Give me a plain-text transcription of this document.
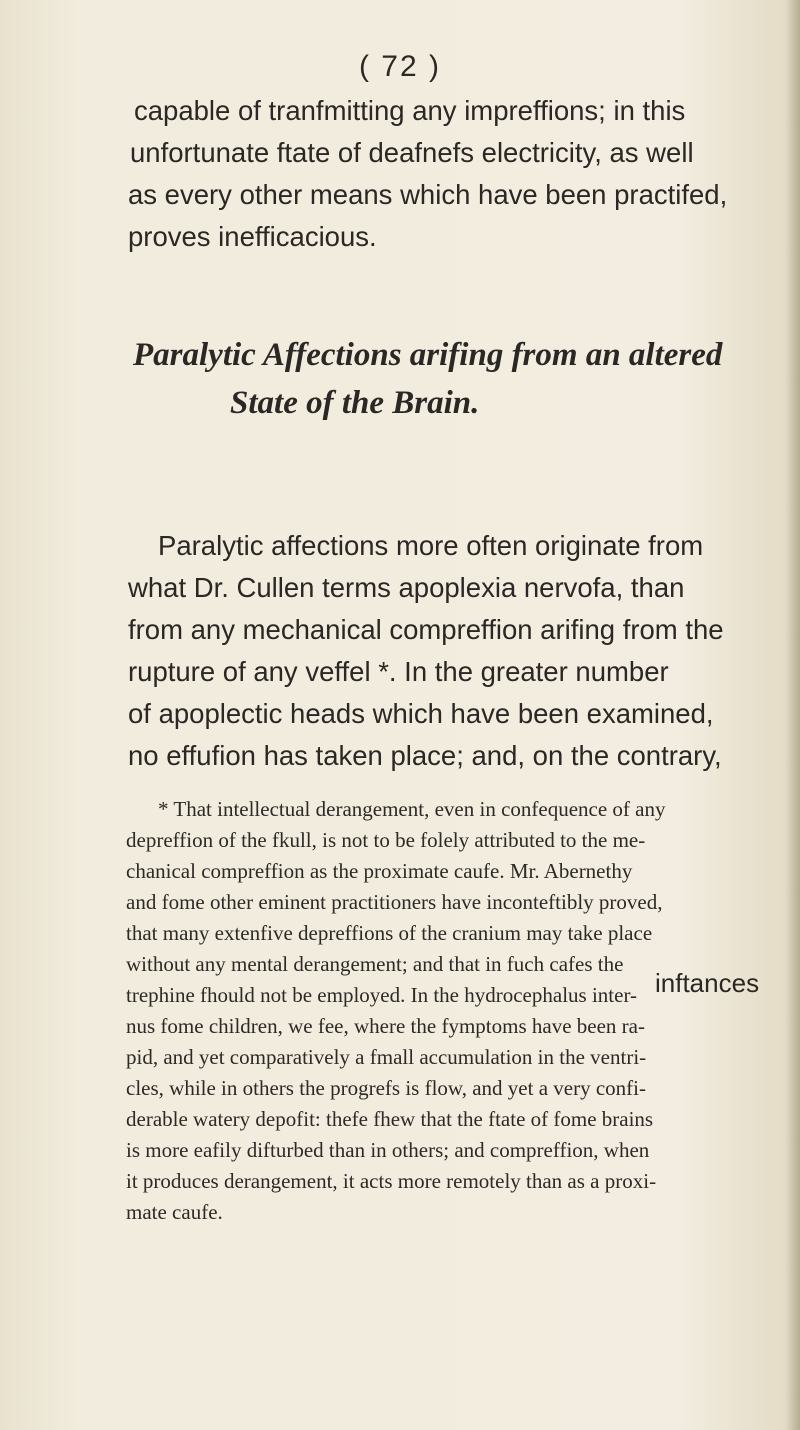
( 72 )
capable of tranfmitting any impreffions; in this
unfortunate ftate of deafnefs electricity, as well
as every other means which have been practifed,
proves inefficacious.
Paralytic Affections arifing from an altered
State of the Brain.
Paralytic affections more often originate from
what Dr. Cullen terms apoplexia nervofa, than
from any mechanical compreffion arifing from the
rupture of any veffel *. In the greater number
of apoplectic heads which have been examined,
no effufion has taken place; and, on the contrary,
* That intellectual derangement, even in confequence of any
depreffion of the fkull, is not to be folely attributed to the me-
chanical compreffion as the proximate caufe. Mr. Abernethy
and fome other eminent practitioners have inconteftibly proved,
that many extenfive depreffions of the cranium may take place
without any mental derangement; and that in fuch cafes the
trephine fhould not be employed. In the hydrocephalus inter-
nus fome children, we fee, where the fymptoms have been ra-
pid, and yet comparatively a fmall accumulation in the ventri-
cles, while in others the progrefs is flow, and yet a very confi-
derable watery depofit: thefe fhew that the ftate of fome brains
is more eafily difturbed than in others; and compreffion, when
it produces derangement, it acts more remotely than as a proxi-
mate caufe.
inftances
